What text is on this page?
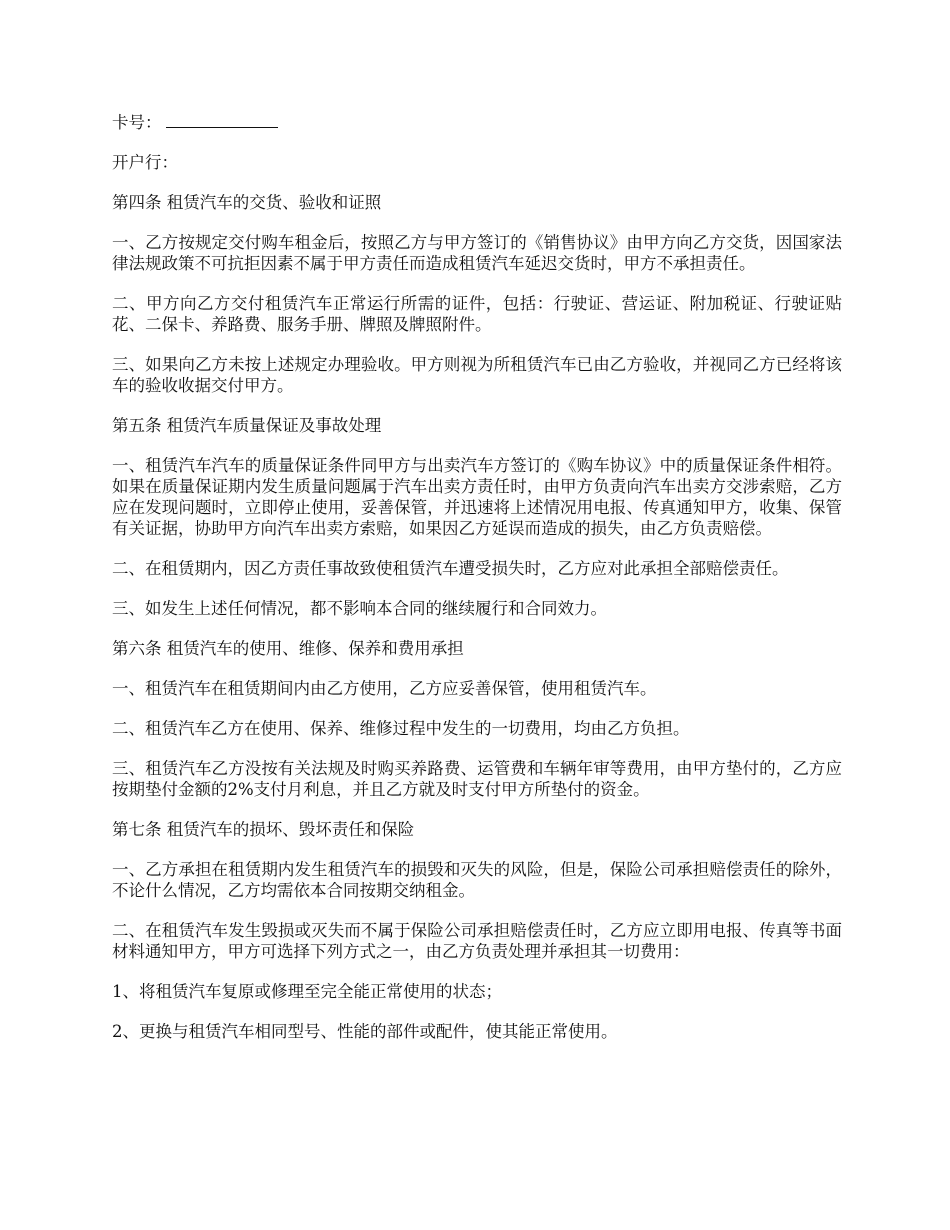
卡号：

开户行：

第四条 租赁汽车的交货、验收和证照

一、乙方按规定交付购车租金后，按照乙方与甲方签订的《销售协议》由甲方向乙方交货，因国家法律法规政策不可抗拒因素不属于甲方责任而造成租赁汽车延迟交货时，甲方不承担责任。

二、甲方向乙方交付租赁汽车正常运行所需的证件，包括：行驶证、营运证、附加税证、行驶证贴花、二保卡、养路费、服务手册、牌照及牌照附件。

三、如果向乙方未按上述规定办理验收。甲方则视为所租赁汽车已由乙方验收，并视同乙方已经将该车的验收收据交付甲方。

第五条 租赁汽车质量保证及事故处理

一、租赁汽车汽车的质量保证条件同甲方与出卖汽车方签订的《购车协议》中的质量保证条件相符。如果在质量保证期内发生质量问题属于汽车出卖方责任时，由甲方负责向汽车出卖方交涉索赔，乙方应在发现问题时，立即停止使用，妥善保管，并迅速将上述情况用电报、传真通知甲方，收集、保管有关证据，协助甲方向汽车出卖方索赔，如果因乙方延误而造成的损失，由乙方负责赔偿。

二、在租赁期内，因乙方责任事故致使租赁汽车遭受损失时，乙方应对此承担全部赔偿责任。

三、如发生上述任何情况，都不影响本合同的继续履行和合同效力。

第六条 租赁汽车的使用、维修、保养和费用承担

一、租赁汽车在租赁期间内由乙方使用，乙方应妥善保管，使用租赁汽车。

二、租赁汽车乙方在使用、保养、维修过程中发生的一切费用，均由乙方负担。

三、租赁汽车乙方没按有关法规及时购买养路费、运管费和车辆年审等费用，由甲方垫付的，乙方应按期垫付金额的2%支付月利息，并且乙方就及时支付甲方所垫付的资金。

第七条 租赁汽车的损坏、毁坏责任和保险

一、乙方承担在租赁期内发生租赁汽车的损毁和灭失的风险，但是，保险公司承担赔偿责任的除外，不论什么情况，乙方均需依本合同按期交纳租金。

二、在租赁汽车发生毁损或灭失而不属于保险公司承担赔偿责任时，乙方应立即用电报、传真等书面材料通知甲方，甲方可选择下列方式之一，由乙方负责处理并承担其一切费用：

1、将租赁汽车复原或修理至完全能正常使用的状态；

2、更换与租赁汽车相同型号、性能的部件或配件，使其能正常使用。
